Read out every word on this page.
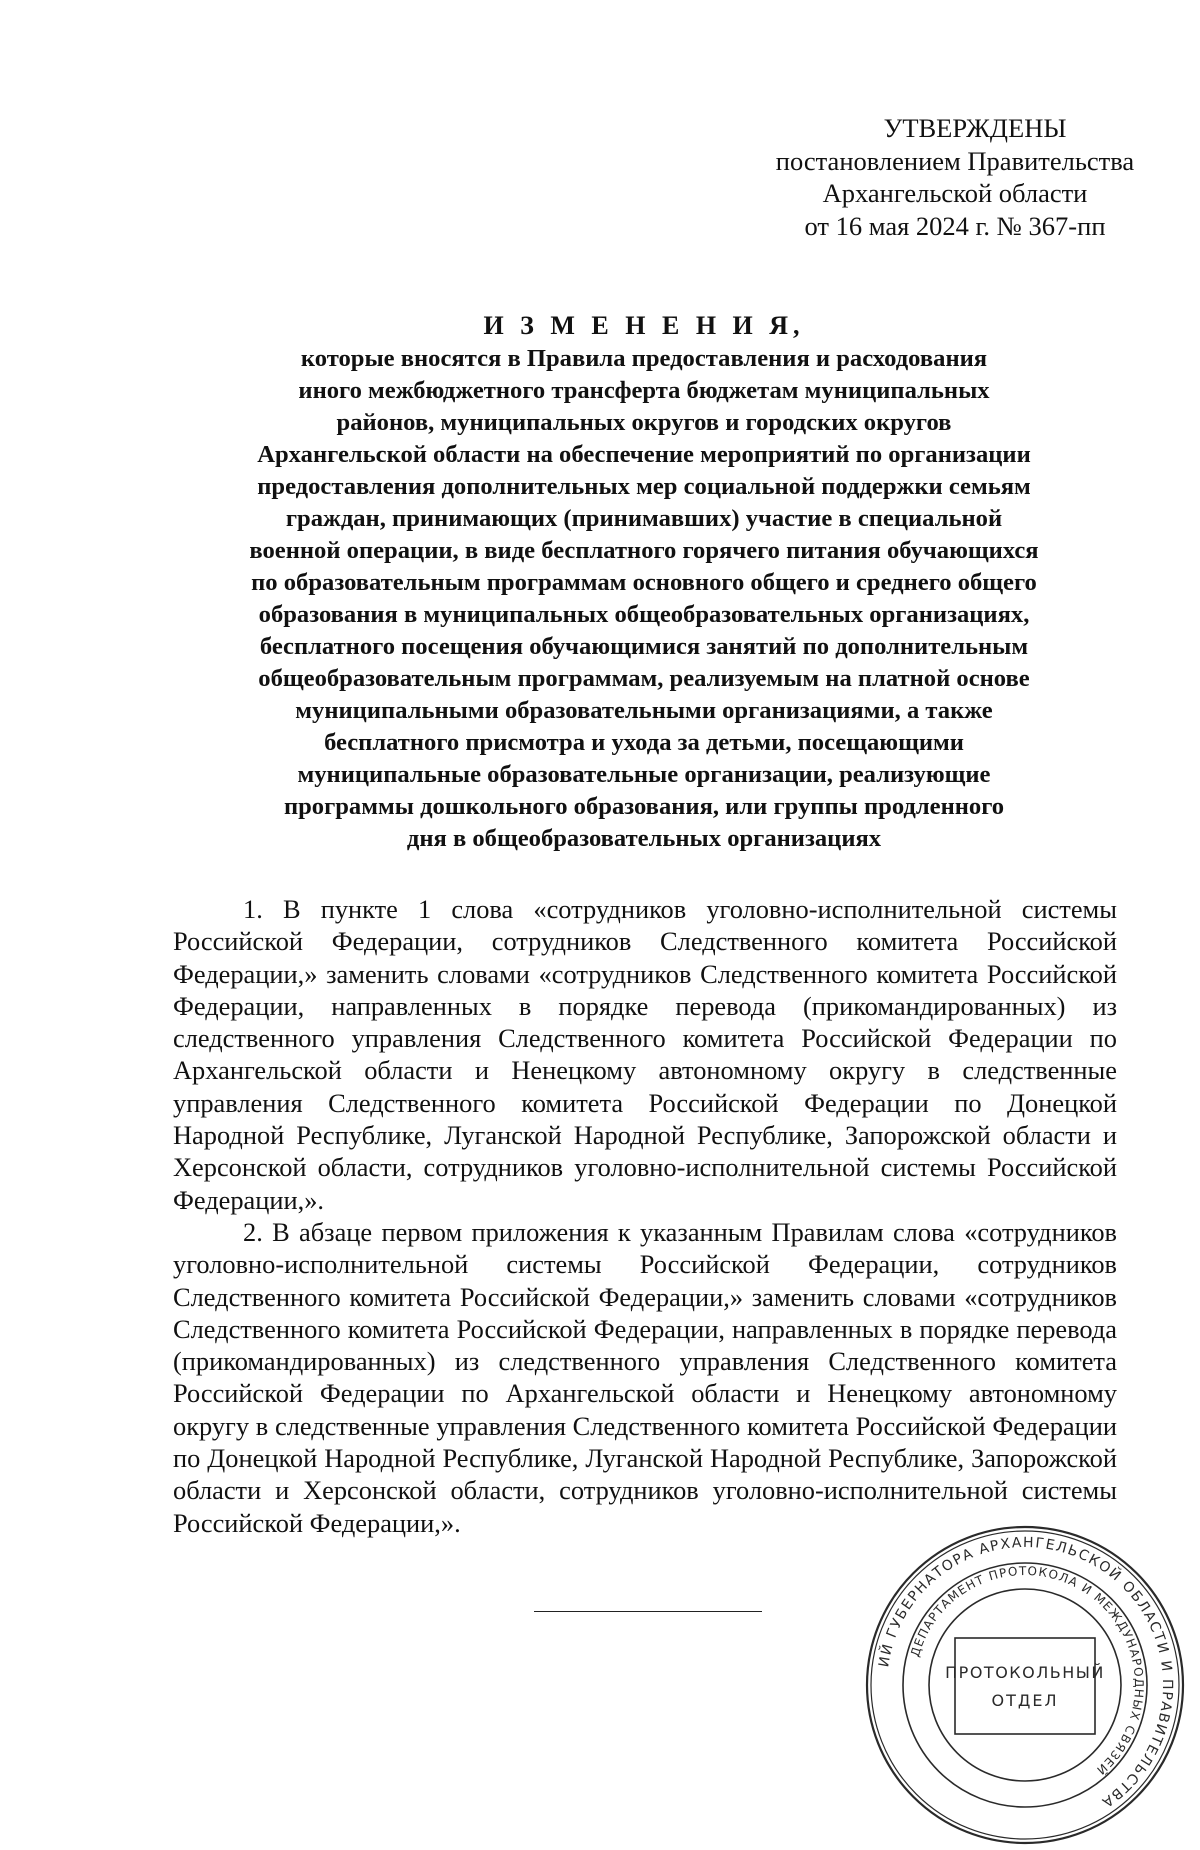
УТВЕРЖДЕНЫ
постановлением Правительства
Архангельской области
от 16 мая 2024 г. № 367-пп
И З М Е Н Е Н И Я,
которые вносятся в Правила предоставления и расходования
иного межбюджетного трансферта бюджетам муниципальных
районов, муниципальных округов и городских округов
Архангельской области на обеспечение мероприятий по организации
предоставления дополнительных мер социальной поддержки семьям
граждан, принимающих (принимавших) участие в специальной
военной операции, в виде бесплатного горячего питания обучающихся
по образовательным программам основного общего и среднего общего
образования в муниципальных общеобразовательных организациях,
бесплатного посещения обучающимися занятий по дополнительным
общеобразовательным программам, реализуемым на платной основе
муниципальными образовательными организациями, а также
бесплатного присмотра и ухода за детьми, посещающими
муниципальные образовательные организации, реализующие
программы дошкольного образования, или группы продленного
дня в общеобразовательных организациях

1. В пункте 1 слова «сотрудников уголовно-исполнительной системы Российской Федерации, сотрудников Следственного комитета Российской Федерации,» заменить словами «сотрудников Следственного комитета Российской Федерации, направленных в порядке перевода (прикомандированных) из следственного управления Следственного комитета Российской Федерации по Архангельской области и Ненецкому автономному округу в следственные управления Следственного комитета Российской Федерации по Донецкой Народной Республике, Луганской Народной Республике, Запорожской области и Херсонской области, сотрудников уголовно-исполнительной системы Российской Федерации,».

2. В абзаце первом приложения к указанным Правилам слова «сотрудников уголовно-исполнительной системы Российской Федерации, сотрудников Следственного комитета Российской Федерации,» заменить словами «сотрудников Следственного комитета Российской Федерации, направленных в порядке перевода (прикомандированных) из следственного управления Следственного комитета Российской Федерации по Архангельской области и Ненецкому автономному округу в следственные управления Следственного комитета Российской Федерации по Донецкой Народной Республике, Луганской Народной Республике, Запорожской области и Херсонской области, сотрудников уголовно-исполнительной системы Российской Федерации,».

ИЙ ГУБЕРНАТОРА АРХАНГЕЛЬСКОЙ ОБЛАСТИ И ПРАВИТЕЛЬСТВА
ДЕПАРТАМЕНТ ПРОТОКОЛА И МЕЖДУНАРОДНЫХ СВЯЗЕЙ
ПРОТОКОЛЬНЫЙ
ОТДЕЛ
